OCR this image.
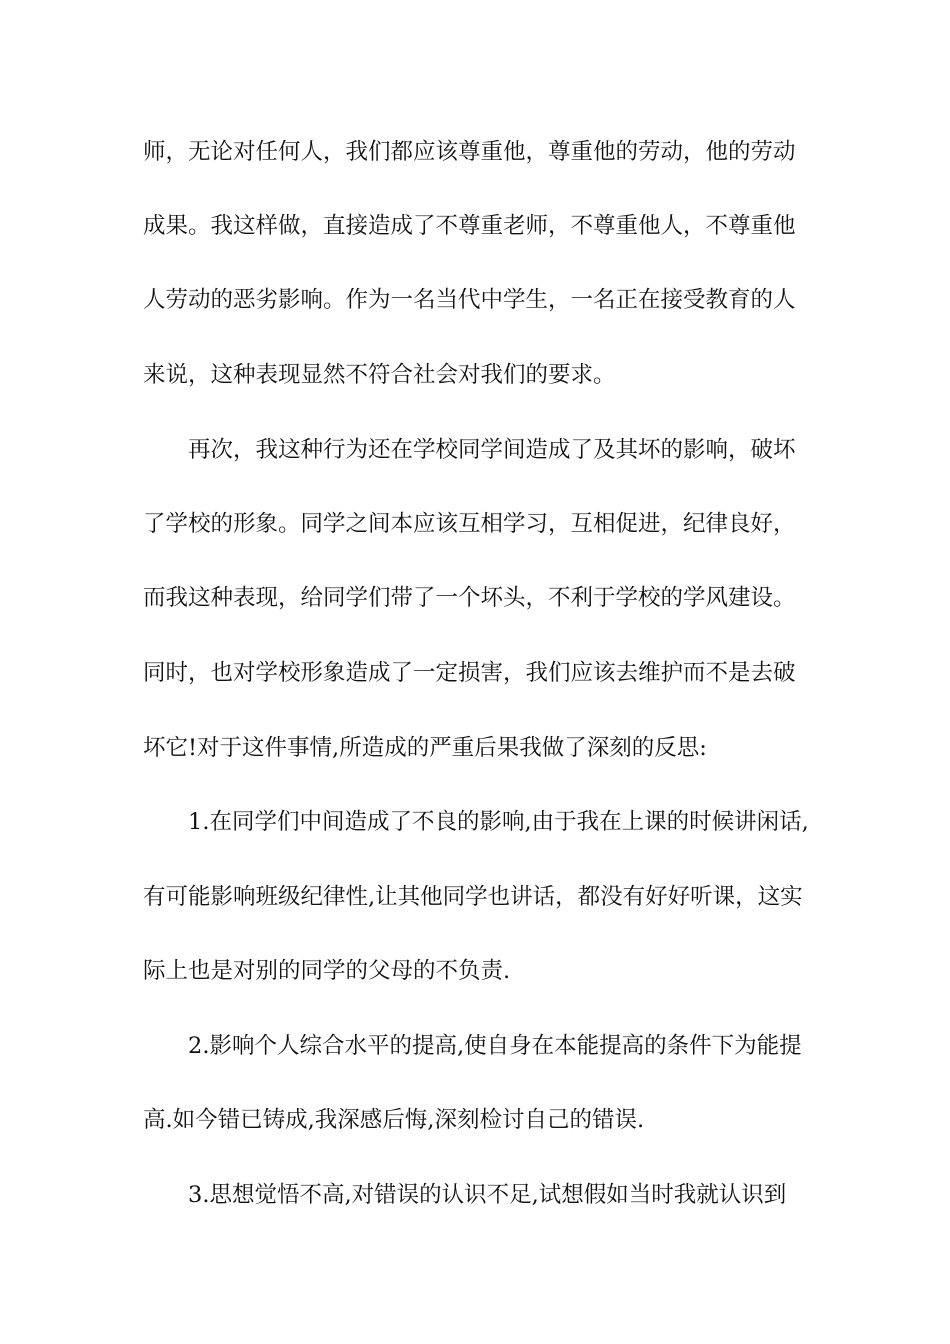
师，无论对任何人，我们都应该尊重他，尊重他的劳动，他的劳动
成果。我这样做，直接造成了不尊重老师，不尊重他人，不尊重他
人劳动的恶劣影响。作为一名当代中学生，一名正在接受教育的人
来说，这种表现显然不符合社会对我们的要求。
再次，我这种行为还在学校同学间造成了及其坏的影响，破坏
了学校的形象。同学之间本应该互相学习，互相促进，纪律良好，
而我这种表现，给同学们带了一个坏头，不利于学校的学风建设。
同时，也对学校形象造成了一定损害，我们应该去维护而不是去破
坏它!对于这件事情,所造成的严重后果我做了深刻的反思:
1.在同学们中间造成了不良的影响,由于我在上课的时候讲闲话,
有可能影响班级纪律性,让其他同学也讲话，都没有好好听课，这实
际上也是对别的同学的父母的不负责.
2.影响个人综合水平的提高,使自身在本能提高的条件下为能提
高.如今错已铸成,我深感后悔,深刻检讨自己的错误.
3.思想觉悟不高,对错误的认识不足,试想假如当时我就认识到
